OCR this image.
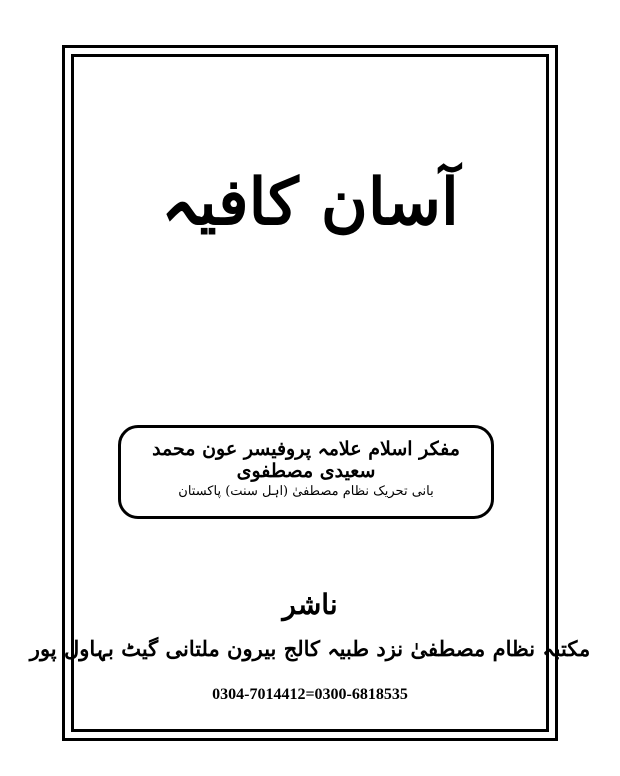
آسان کافیہ
مفکر اسلام علامہ پروفیسر عون محمد سعیدی مصطفوی
بانی تحریک نظام مصطفیٰ (اہل سنت) پاکستان
ناشر
مکتبہ نظام مصطفیٰ نزد طبیہ کالج بیرون ملتانی گیٹ بہاول پور
0304-7014412=0300-6818535
